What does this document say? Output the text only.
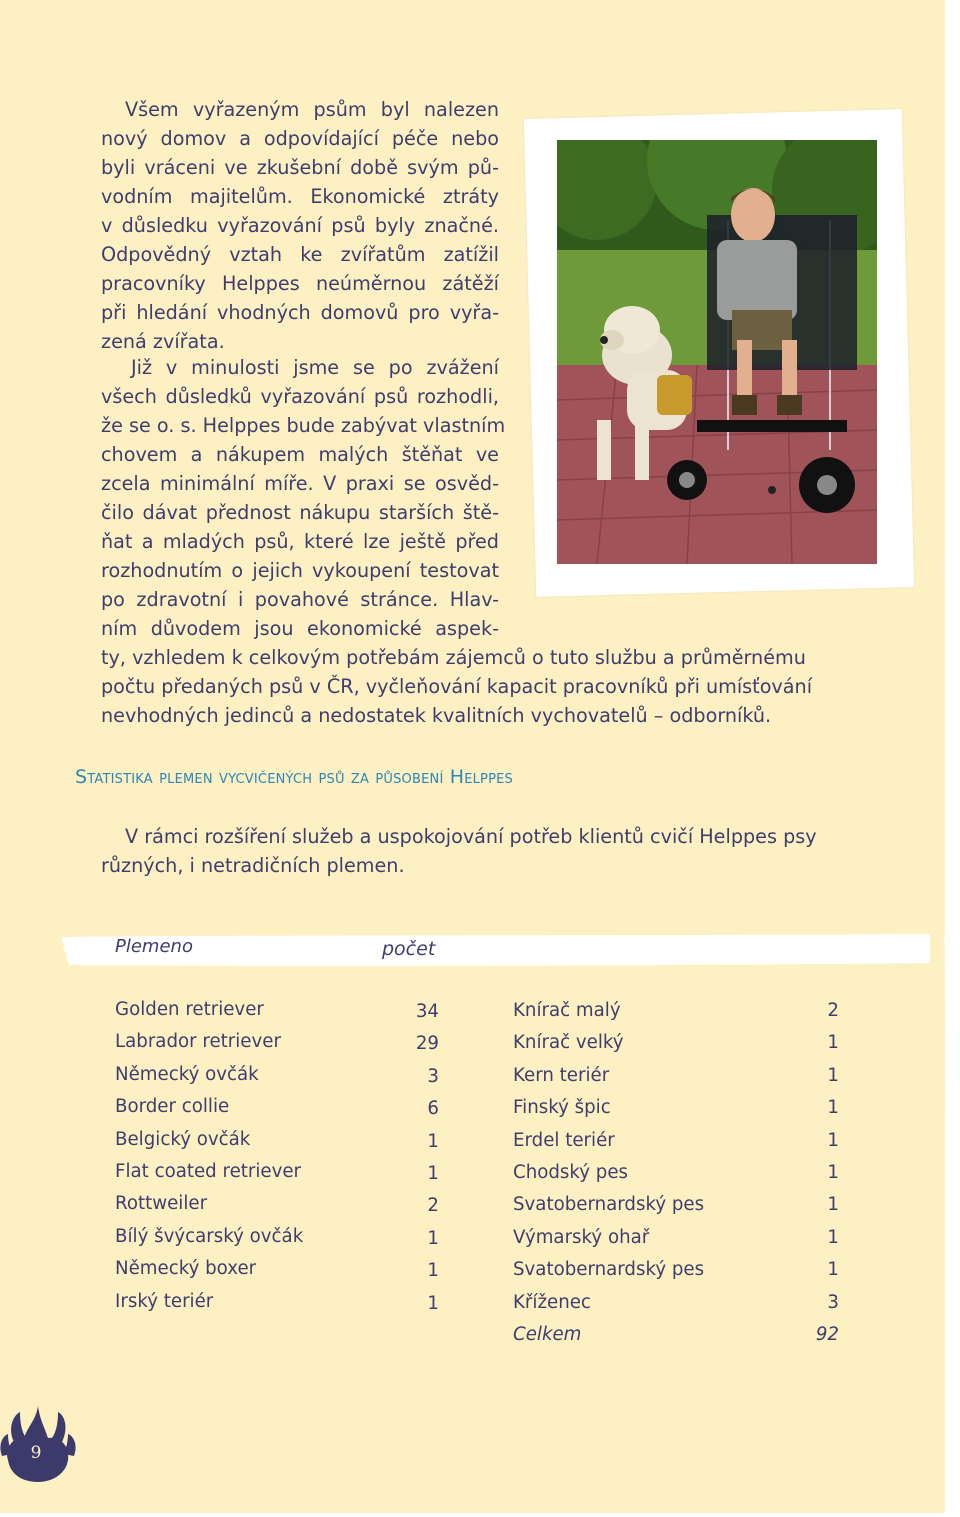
Všem vyřazeným psům byl nalezen
nový domov a odpovídající péče nebo
byli vráceni ve zkušební době svým pů-
vodním majitelům. Ekonomické ztráty
v důsledku vyřazování psů byly značné.
Odpovědný vztah ke zvířatům zatížil
pracovníky Helppes neúměrnou zátěží
při hledání vhodných domovů pro vyřa-
zená zvířata.
Již v minulosti jsme se po zvážení
všech důsledků vyřazování psů rozhodli,
že se o. s. Helppes bude zabývat vlastním
chovem a nákupem malých štěňat ve
zcela minimální míře. V praxi se osvěd-
čilo dávat přednost nákupu starších ště-
ňat a mladých psů, které lze ještě před
rozhodnutím o jejich vykoupení testovat
po zdravotní i povahové stránce. Hlav-
ním důvodem jsou ekonomické aspek-
ty, vzhledem k celkovým potřebám zájemců o tuto službu a průměrnému
počtu předaných psů v ČR, vyčleňování kapacit pracovníků při umísťování
nevhodných jedinců a nedostatek kvalitních vychovatelů – odborníků.
Statistika plemen vycvičených psů za působení Helppes
V rámci rozšíření služeb a uspokojování potřeb klientů cvičí Helppes psy
různých, i netradičních plemen.
Plemeno	počet
Golden retriever	34
Labrador retriever	29
Německý ovčák	3
Border collie	6
Belgický ovčák	1
Flat coated retriever	1
Rottweiler	2
Bílý švýcarský ovčák	1
Německý boxer	1
Irský teriér	1
Knírač malý	2
Knírač velký	1
Kern teriér	1
Finský špic	1
Erdel teriér	1
Chodský pes	1
Svatobernardský pes	1
Výmarský ohař	1
Svatobernardský pes	1
Kříženec	3
Celkem	92
9
